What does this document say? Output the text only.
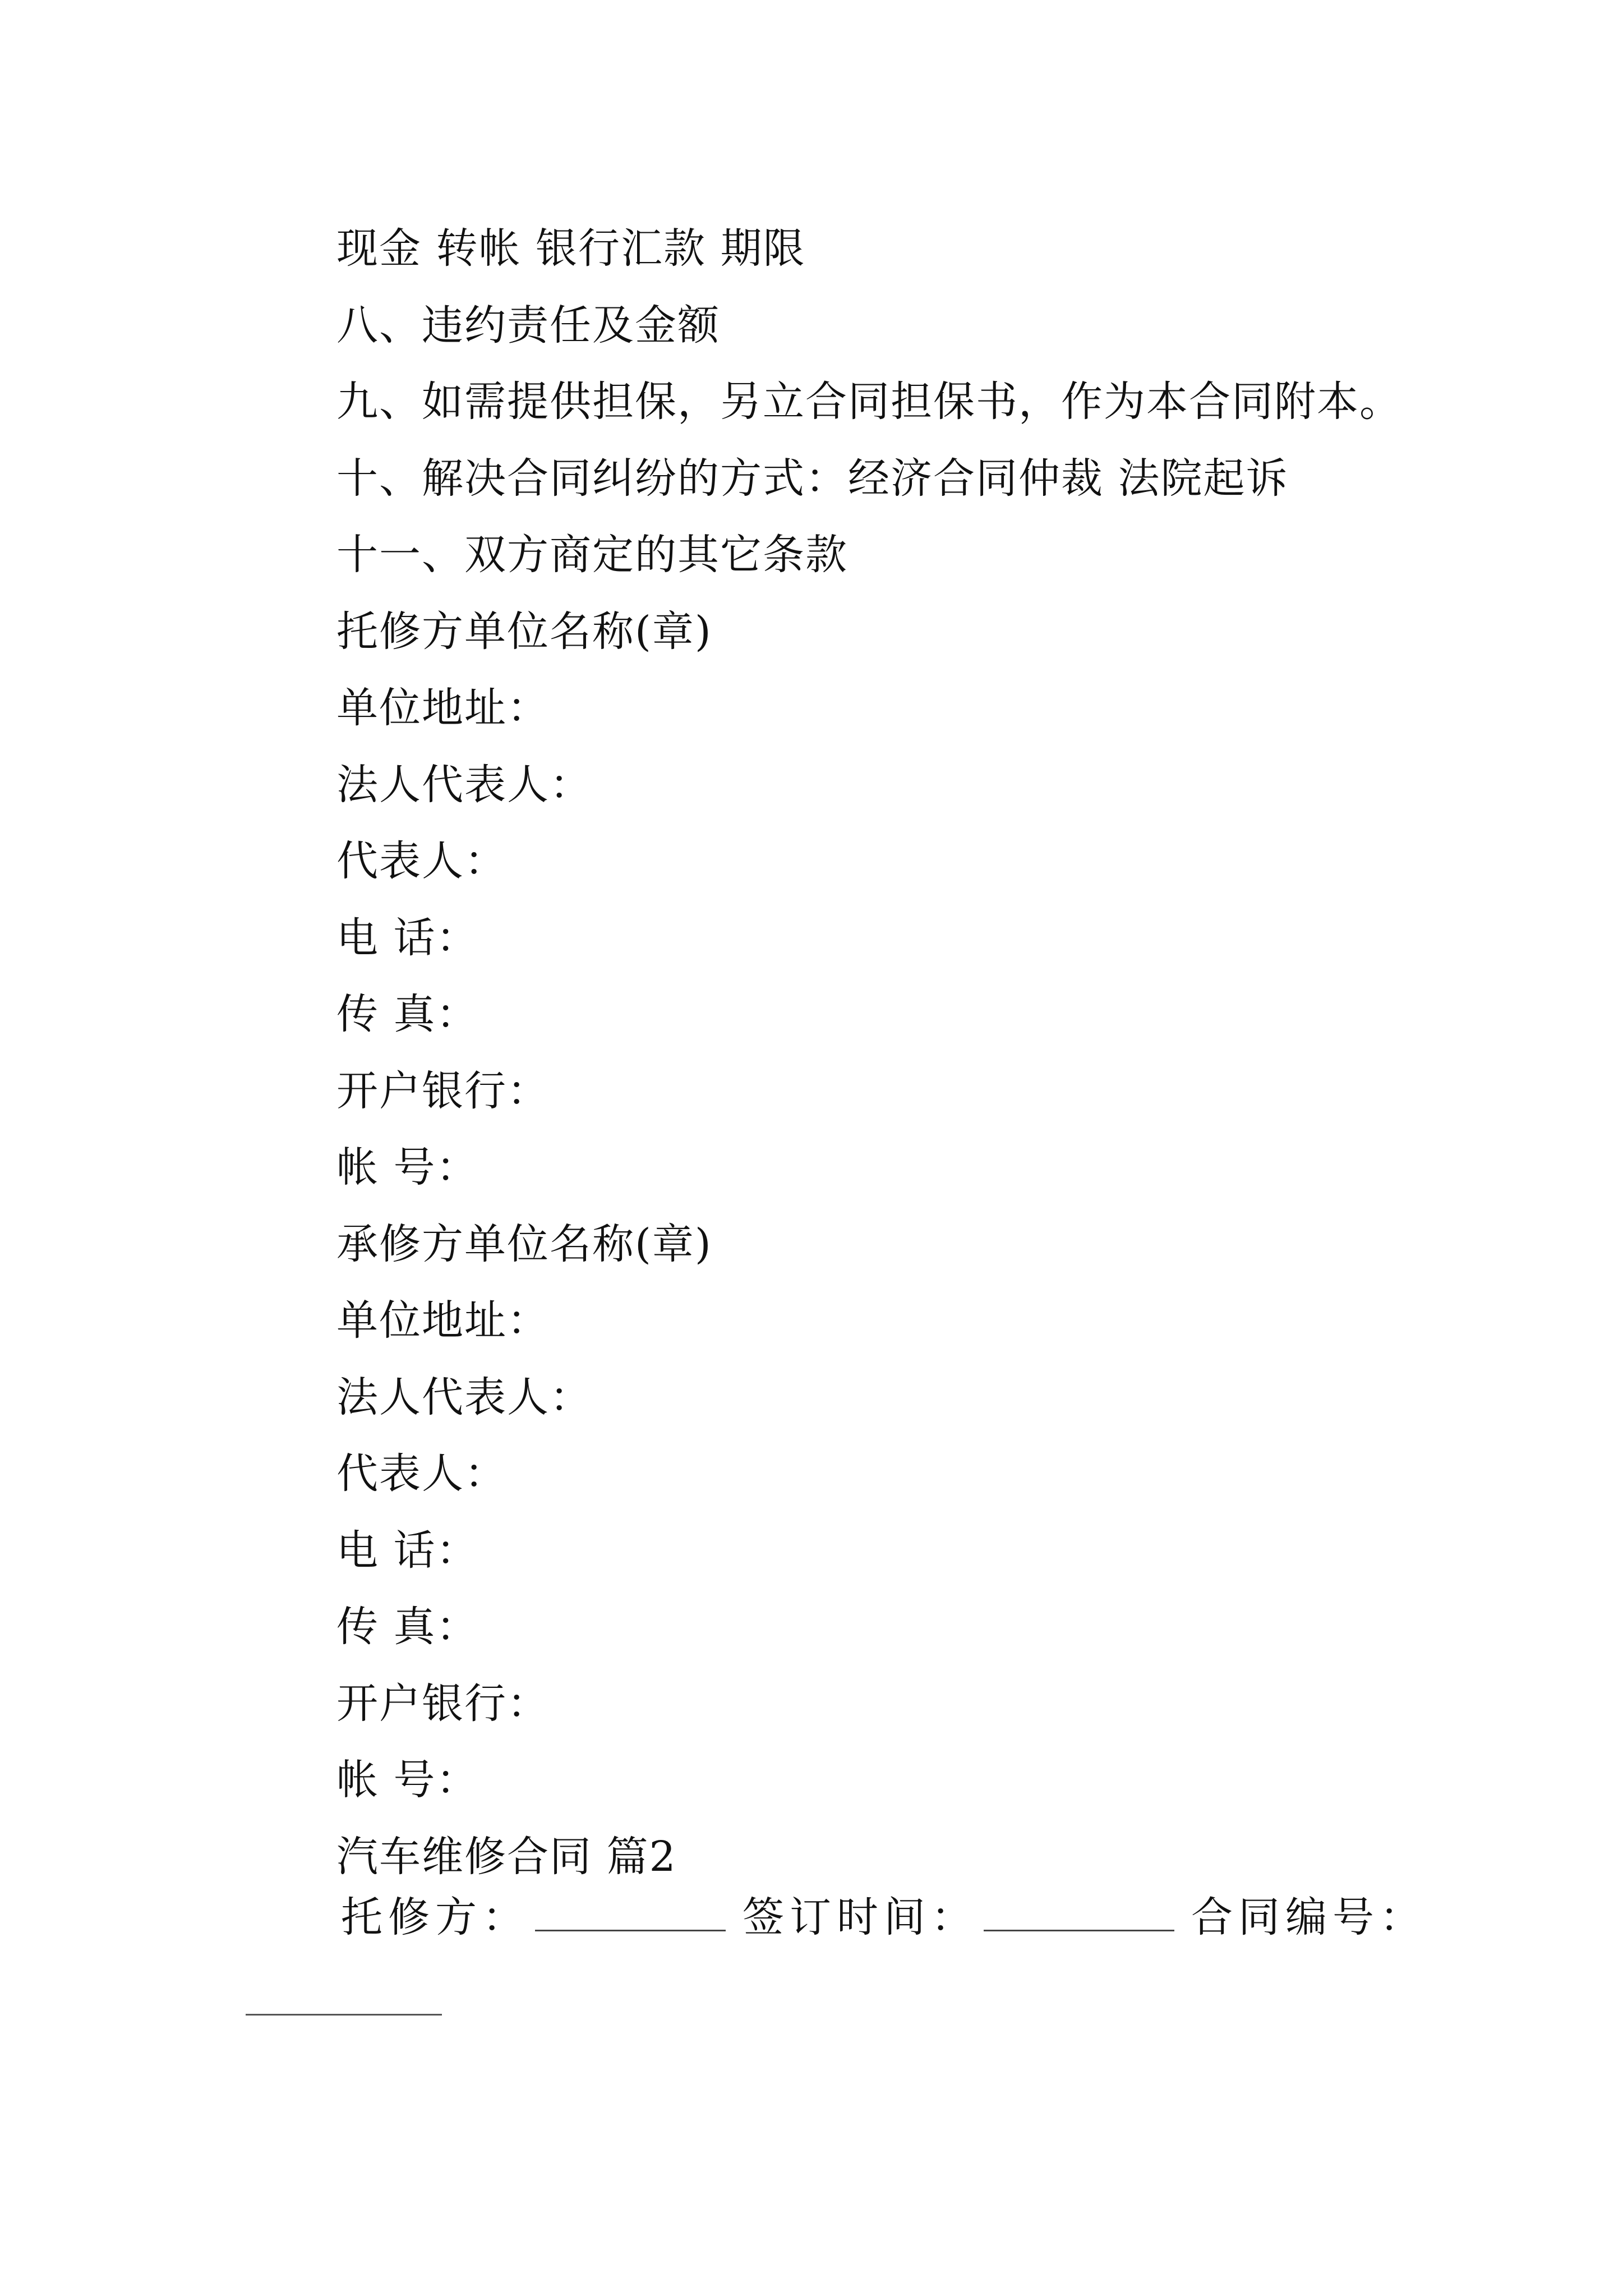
现金 转帐 银行汇款 期限
八、违约责任及金额
九、如需提供担保，另立合同担保书，作为本合同附本。
十、解决合同纠纷的方式：经济合同仲裁 法院起诉
十一、双方商定的其它条款
托修方单位名称(章)
单位地址：
法人代表人：
代表人：
电 话：
传 真：
开户银行：
帐 号：
承修方单位名称(章)
单位地址：
法人代表人：
代表人：
电 话：
传 真：
开户银行：
帐 号：
汽车维修合同 篇2
托修方：	签订时间：	合同编号：
